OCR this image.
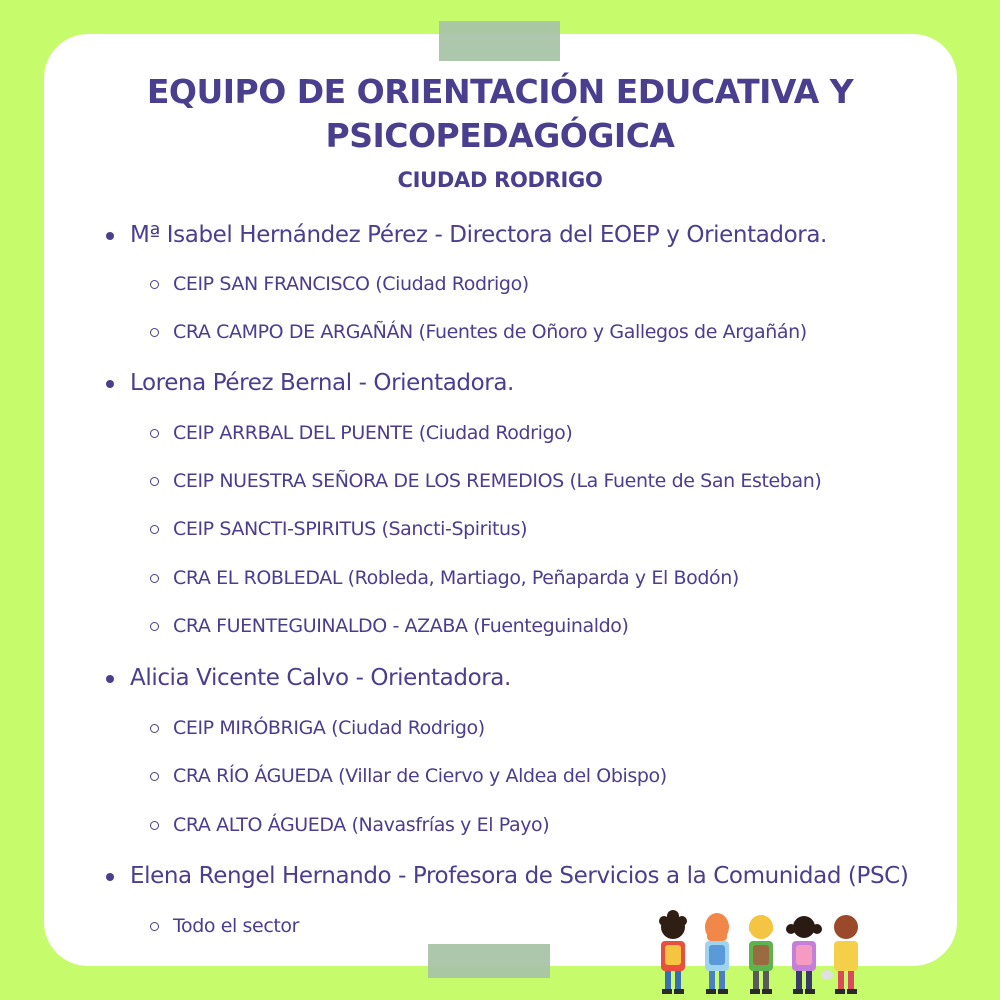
EQUIPO DE ORIENTACIÓN EDUCATIVA Y PSICOPEDAGÓGICA
CIUDAD RODRIGO
Mª Isabel Hernández Pérez - Directora del EOEP y Orientadora.
CEIP SAN FRANCISCO (Ciudad Rodrigo)
CRA CAMPO DE ARGAÑÁN (Fuentes de Oñoro y Gallegos de Argañán)
Lorena Pérez Bernal - Orientadora.
CEIP ARRBAL DEL PUENTE (Ciudad Rodrigo)
CEIP NUESTRA SEÑORA DE LOS REMEDIOS (La Fuente de San Esteban)
CEIP SANCTI-SPIRITUS (Sancti-Spiritus)
CRA EL ROBLEDAL (Robleda, Martiago, Peñaparda y El Bodón)
CRA FUENTEGUINALDO - AZABA (Fuenteguinaldo)
Alicia Vicente Calvo - Orientadora.
CEIP MIRÓBRIGA (Ciudad Rodrigo)
CRA RÍO ÁGUEDA (Villar de Ciervo y Aldea del Obispo)
CRA ALTO ÁGUEDA (Navasfrías y El Payo)
Elena Rengel Hernando - Profesora de Servicios a la Comunidad (PSC)
Todo el sector
